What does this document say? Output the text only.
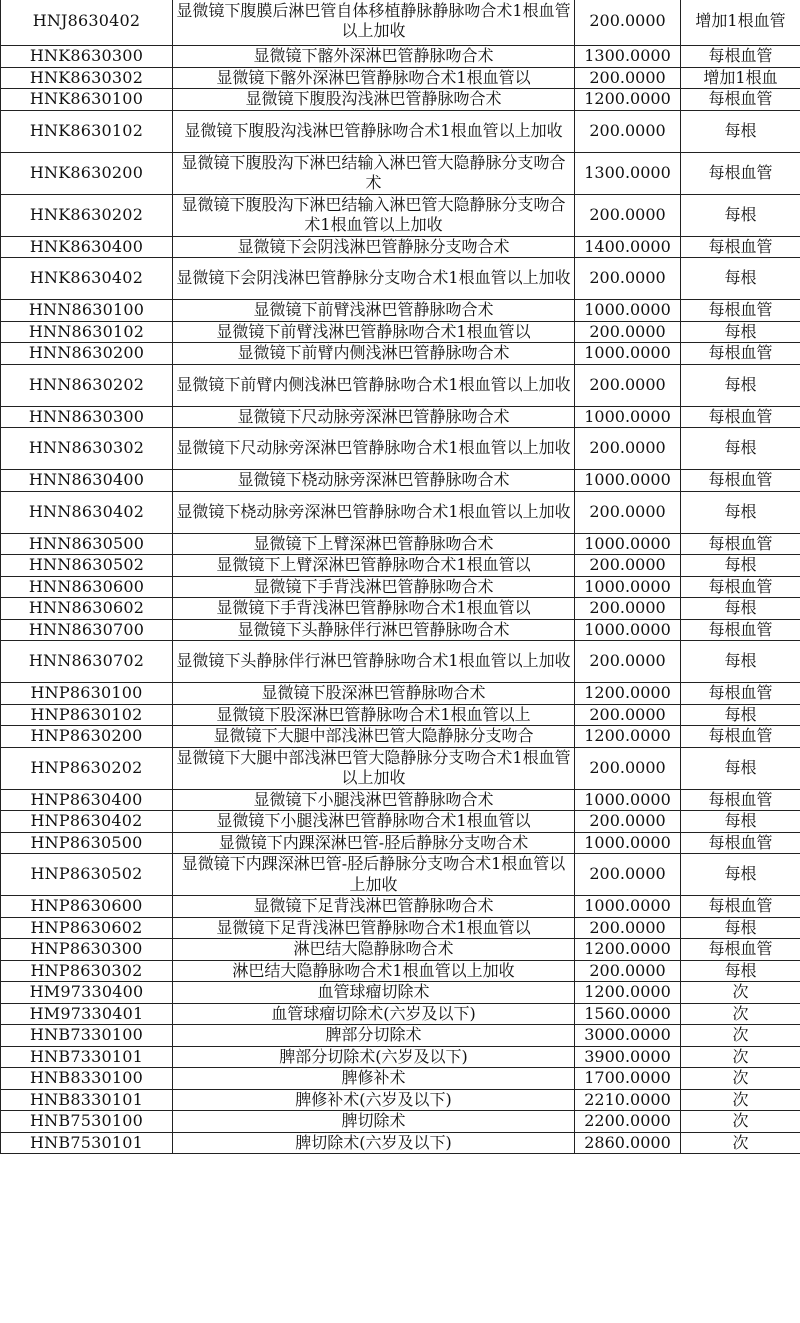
HNJ8630402	显微镜下腹膜后淋巴管自体移植静脉静脉吻合术1根血管以上加收	200.0000	增加1根血管
HNK8630300	显微镜下髂外深淋巴管静脉吻合术	1300.0000	每根血管
HNK8630302	显微镜下髂外深淋巴管静脉吻合术1根血管以	200.0000	增加1根血
HNK8630100	显微镜下腹股沟浅淋巴管静脉吻合术	1200.0000	每根血管
HNK8630102	显微镜下腹股沟浅淋巴管静脉吻合术1根血管以上加收	200.0000	每根
HNK8630200	显微镜下腹股沟下淋巴结输入淋巴管大隐静脉分支吻合术	1300.0000	每根血管
HNK8630202	显微镜下腹股沟下淋巴结输入淋巴管大隐静脉分支吻合术1根血管以上加收	200.0000	每根
HNK8630400	显微镜下会阴浅淋巴管静脉分支吻合术	1400.0000	每根血管
HNK8630402	显微镜下会阴浅淋巴管静脉分支吻合术1根血管以上加收	200.0000	每根
HNN8630100	显微镜下前臂浅淋巴管静脉吻合术	1000.0000	每根血管
HNN8630102	显微镜下前臂浅淋巴管静脉吻合术1根血管以	200.0000	每根
HNN8630200	显微镜下前臂内侧浅淋巴管静脉吻合术	1000.0000	每根血管
HNN8630202	显微镜下前臂内侧浅淋巴管静脉吻合术1根血管以上加收	200.0000	每根
HNN8630300	显微镜下尺动脉旁深淋巴管静脉吻合术	1000.0000	每根血管
HNN8630302	显微镜下尺动脉旁深淋巴管静脉吻合术1根血管以上加收	200.0000	每根
HNN8630400	显微镜下桡动脉旁深淋巴管静脉吻合术	1000.0000	每根血管
HNN8630402	显微镜下桡动脉旁深淋巴管静脉吻合术1根血管以上加收	200.0000	每根
HNN8630500	显微镜下上臂深淋巴管静脉吻合术	1000.0000	每根血管
HNN8630502	显微镜下上臂深淋巴管静脉吻合术1根血管以	200.0000	每根
HNN8630600	显微镜下手背浅淋巴管静脉吻合术	1000.0000	每根血管
HNN8630602	显微镜下手背浅淋巴管静脉吻合术1根血管以	200.0000	每根
HNN8630700	显微镜下头静脉伴行淋巴管静脉吻合术	1000.0000	每根血管
HNN8630702	显微镜下头静脉伴行淋巴管静脉吻合术1根血管以上加收	200.0000	每根
HNP8630100	显微镜下股深淋巴管静脉吻合术	1200.0000	每根血管
HNP8630102	显微镜下股深淋巴管静脉吻合术1根血管以上	200.0000	每根
HNP8630200	显微镜下大腿中部浅淋巴管大隐静脉分支吻合	1200.0000	每根血管
HNP8630202	显微镜下大腿中部浅淋巴管大隐静脉分支吻合术1根血管以上加收	200.0000	每根
HNP8630400	显微镜下小腿浅淋巴管静脉吻合术	1000.0000	每根血管
HNP8630402	显微镜下小腿浅淋巴管静脉吻合术1根血管以	200.0000	每根
HNP8630500	显微镜下内踝深淋巴管-胫后静脉分支吻合术	1000.0000	每根血管
HNP8630502	显微镜下内踝深淋巴管-胫后静脉分支吻合术1根血管以上加收	200.0000	每根
HNP8630600	显微镜下足背浅淋巴管静脉吻合术	1000.0000	每根血管
HNP8630602	显微镜下足背浅淋巴管静脉吻合术1根血管以	200.0000	每根
HNP8630300	淋巴结大隐静脉吻合术	1200.0000	每根血管
HNP8630302	淋巴结大隐静脉吻合术1根血管以上加收	200.0000	每根
HM97330400	血管球瘤切除术	1200.0000	次
HM97330401	血管球瘤切除术(六岁及以下)	1560.0000	次
HNB7330100	脾部分切除术	3000.0000	次
HNB7330101	脾部分切除术(六岁及以下)	3900.0000	次
HNB8330100	脾修补术	1700.0000	次
HNB8330101	脾修补术(六岁及以下)	2210.0000	次
HNB7530100	脾切除术	2200.0000	次
HNB7530101	脾切除术(六岁及以下)	2860.0000	次
